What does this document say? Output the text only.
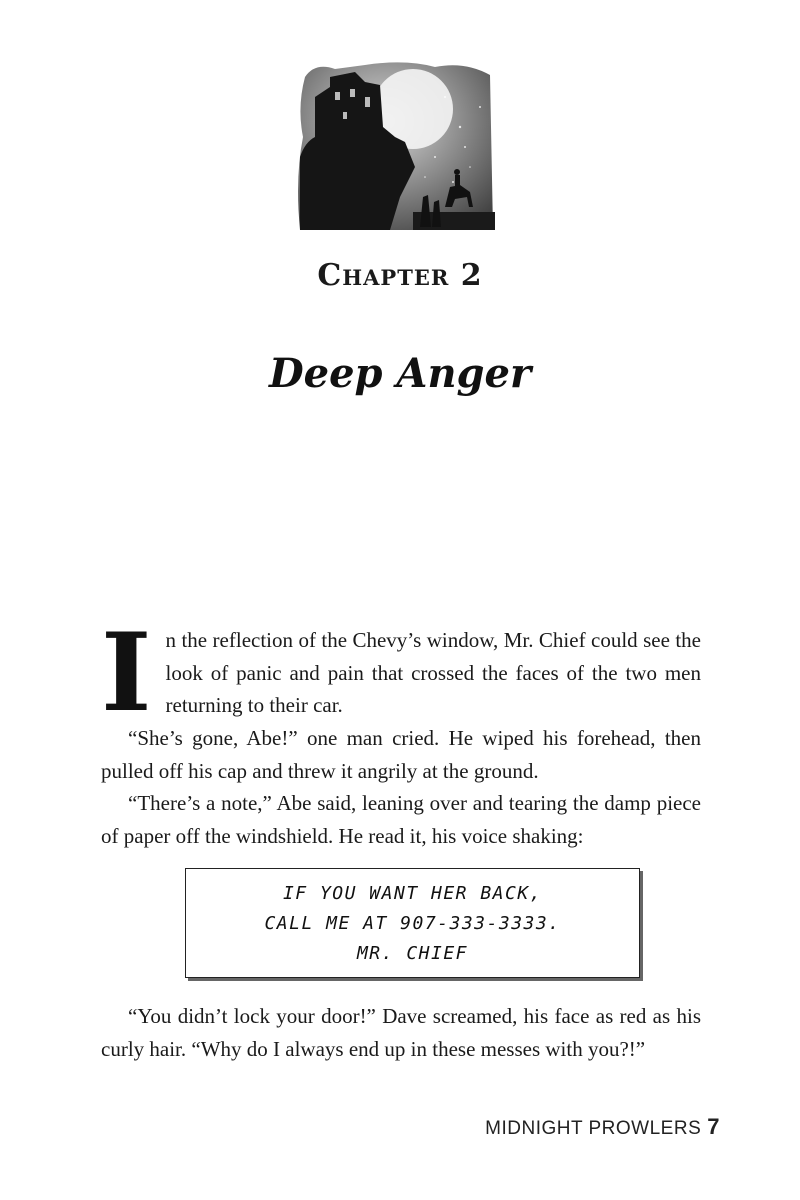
Chapter 2
Deep Anger

In the reflection of the Chevy’s window, Mr. Chief could see the look of panic and pain that crossed the faces of the two men returning to their car.

“She’s gone, Abe!” one man cried. He wiped his forehead, then pulled off his cap and threw it angrily at the ground.

“There’s a note,” Abe said, leaning over and tearing the damp piece of paper off the windshield. He read it, his voice shaking:

IF YOU WANT HER BACK,
CALL ME AT 907-333-3333.
MR. CHIEF

“You didn’t lock your door!” Dave screamed, his face as red as his curly hair. “Why do I always end up in these messes with you?!”

MIDNIGHT PROWLERS 7
